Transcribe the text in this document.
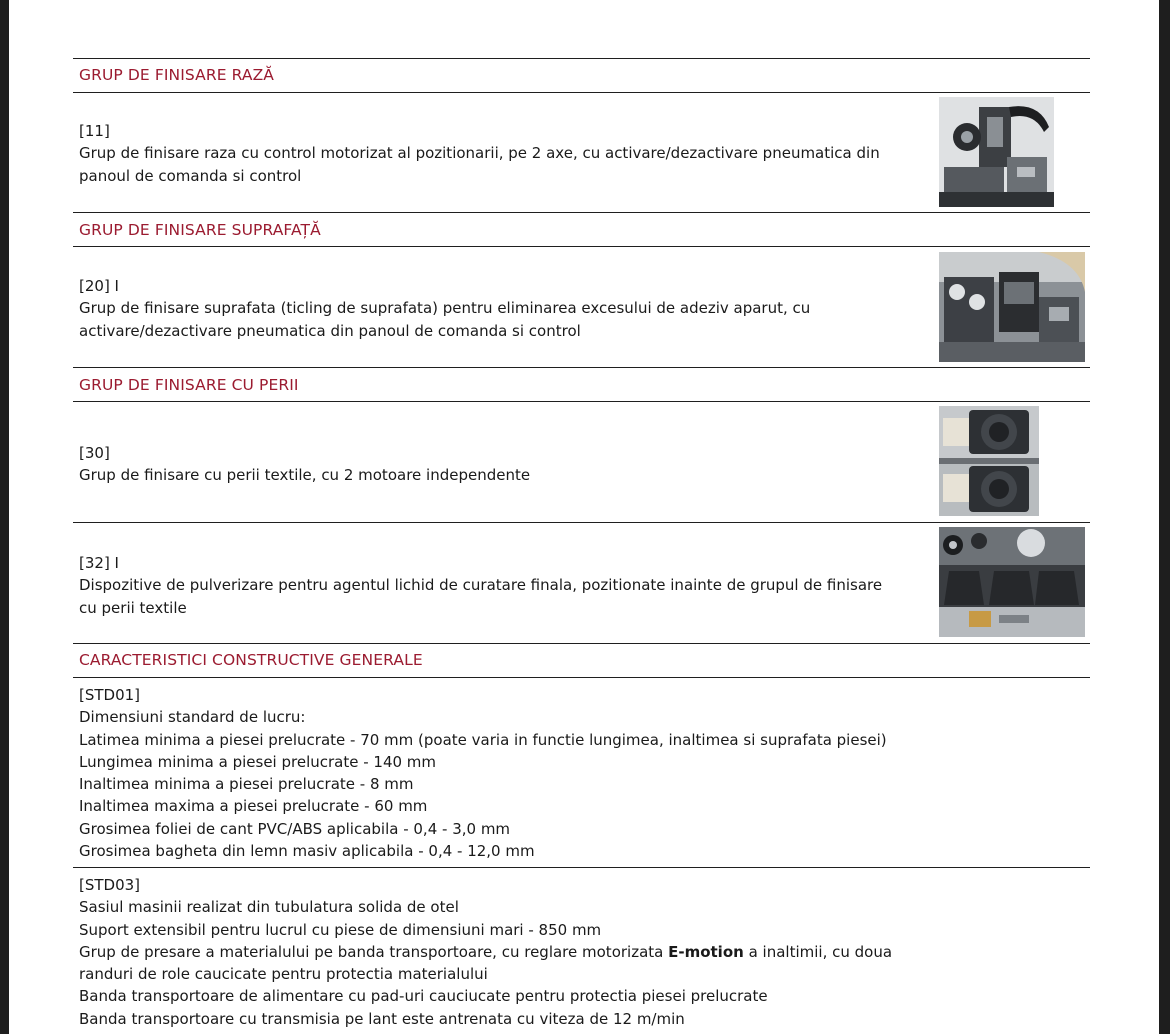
GRUP DE FINISARE RAZĂ
[11]
Grup de finisare raza cu control motorizat al pozitionarii, pe 2 axe, cu activare/dezactivare pneumatica din
panoul de comanda si control
GRUP DE FINISARE SUPRAFAȚĂ
[20] I
Grup de finisare suprafata (ticling de suprafata) pentru eliminarea excesului de adeziv aparut, cu
activare/dezactivare pneumatica din panoul de comanda si control
GRUP DE FINISARE CU PERII
[30]
Grup de finisare cu perii textile, cu 2 motoare independente
[32] I
Dispozitive de pulverizare pentru agentul lichid de curatare finala, pozitionate inainte de grupul de finisare
cu perii textile
CARACTERISTICI CONSTRUCTIVE GENERALE
[STD01]
Dimensiuni standard de lucru:
Latimea minima a piesei prelucrate - 70 mm (poate varia in functie lungimea, inaltimea si suprafata piesei)
Lungimea minima a piesei prelucrate - 140 mm
Inaltimea minima a piesei prelucrate - 8 mm
Inaltimea maxima a piesei prelucrate - 60 mm
Grosimea foliei de cant PVC/ABS aplicabila - 0,4 - 3,0 mm
Grosimea bagheta din lemn masiv aplicabila - 0,4 - 12,0 mm
[STD03]
Sasiul masinii realizat din tubulatura solida de otel
Suport extensibil pentru lucrul cu piese de dimensiuni mari - 850 mm
Grup de presare a materialului pe banda transportoare, cu reglare motorizata E-motion a inaltimii, cu doua
randuri de role caucicate pentru protectia materialului
Banda transportoare de alimentare cu pad-uri cauciucate pentru protectia piesei prelucrate
Banda transportoare cu transmisia pe lant este antrenata cu viteza de 12 m/min
